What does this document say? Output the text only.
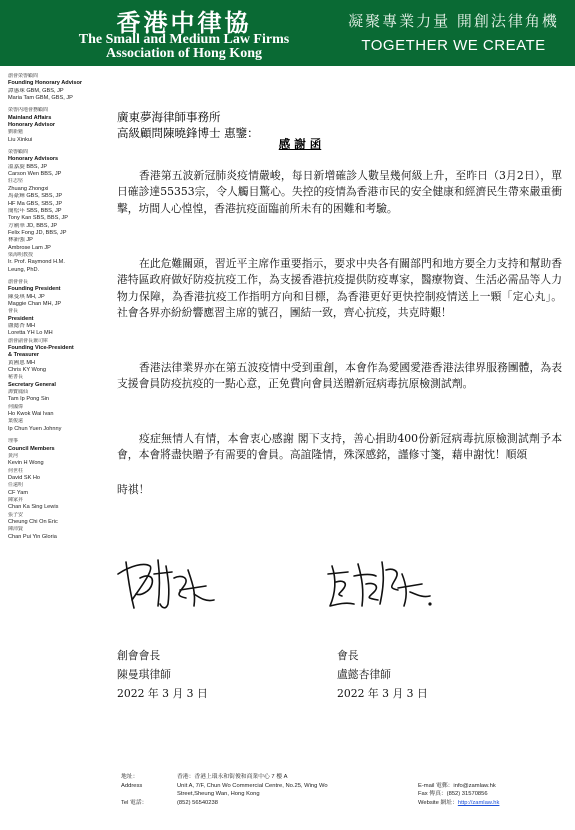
香港中律協
The Small and Medium Law Firms
Association of Hong Kong
凝聚專業力量 開創法律角機
TOGETHER WE CREATE
創會榮譽顧問
Founding Honorary Advisor
譚惠珠 GBM, GBS, JP
Maria Tam GBM, GBS, JP
榮譽內地會務顧問
Mainland Affairs
Honorary Advisor
劉新魁
Liu Xinkui
榮譽顧問
Honorary Advisors
溫嘉旋 BBS, JP
Carson Wen BBS, JP
莊志堅
Zhuang Zhongxi
馬豪輝 GBS, SBS, JP
HF Ma GBS, SBS, JP
簡松年 SBS, BBS, JP
Tony Kan SBS, BBS, JP
方劍華 JD, BBS, JP
Felix Fong JD, BBS, JP
林新強 JP
Ambrose Lam JP
梁海明教授
Ir. Prof. Raymond H.M.
Leung, PhD.
創會會長
Founding President
陳曼琪 MH, JP
Maggie Chan MH, JP
會長
President
盧懿杏 MH
Loretta YH Lo MH
創會副會長兼司庫
Founding Vice-President
& Treasurer
黃國恩 MH
Chris KY Wong
秘書長
Secretary General
譚寶鳳仙
Tam Ip Pong Sin
何國偉
Ho Kwok Wai Ivan
葉俊遠
Ip Chun Yuen Johnny
理事
Council Members
黃河
Kevin H Wong
何世柱
David SK Ho
任遠明
CF Yam
陳家昇
Chan Ka Sing Lewis
張子安
Cheung Chi On Eric
陳沛賢
Chan Pui Yin Gloria
廣東夢海律師事務所
高級顧問陳曉鋒博士 惠鑒：
感 謝 函
香港第五波新冠肺炎疫情嚴峻，每日新增確診人數呈幾何級上升，至昨日（3月2日），單日確診達55353宗，令人觸目驚心。失控的疫情為香港市民的安全健康和經濟民生帶來嚴重衝擊，坊間人心惶惶，香港抗疫面臨前所未有的困難和考驗。
在此危難關頭，習近平主席作重要指示，要求中央各有關部門和地方要全力支持和幫助香港特區政府做好防疫抗疫工作，為支援香港抗疫提供防疫專家，醫療物資、生活必需品等人力物力保障，為香港抗疫工作指明方向和目標，為香港更好更快控制疫情送上一顆「定心丸」。社會各界亦紛紛響應習主席的號召，團結一致，齊心抗疫，共克時艱！
香港法律業界亦在第五波疫情中受到重創，本會作為愛國愛港香港法律界服務團體，為表支援會員防疫抗疫的一點心意，正免費向會員送贈新冠病毒抗原檢測試劑。
疫症無情人有情，本會衷心感謝 閣下支持，善心捐助400份新冠病毒抗原檢測試劑予本會，本會將盡快贈予有需要的會員。高誼隆情，殊深感銘，謹修寸箋，藉申謝忱！順頌
時祺！
創會會長
陳曼琪律師
2022 年 3 月 3 日
會長
盧懿杏律師
2022 年 3 月 3 日
地址：
Address

Tel 電話：
香港：香港上環永和街俊和商業中心 7 樓 A
Unit A, 7/F, Chun Wo Commercial Centre, No.25, Wing Wo
Street,Sheung Wan, Hong Kong
(852) 56540238

E-mail 電郵：info@zamlaw.hk
Fax 傳真：(852) 31570856
Website 網址：http://zamlaw.hk
